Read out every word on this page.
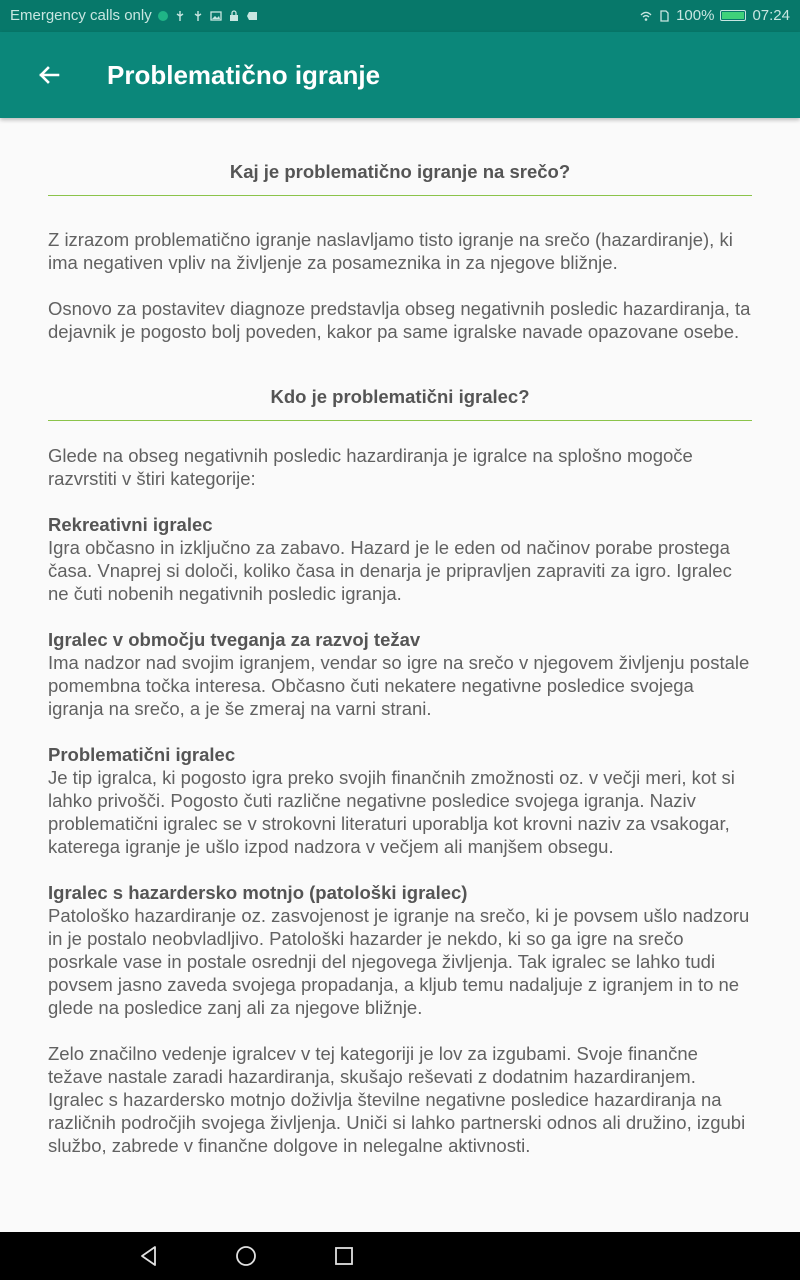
Emergency calls only	100%	07:24
Problematično igranje
Kaj je problematično igranje na srečo?

Z izrazom problematično igranje naslavljamo tisto igranje na srečo (hazardiranje), ki ima negativen vpliv na življenje za posameznika in za njegove bližnje.

Osnovo za postavitev diagnoze predstavlja obseg negativnih posledic hazardiranja, ta dejavnik je pogosto bolj poveden, kakor pa same igralske navade opazovane osebe.

Kdo je problematični igralec?

Glede na obseg negativnih posledic hazardiranja je igralce na splošno mogoče razvrstiti v štiri kategorije:

Rekreativni igralec

Igra občasno in izključno za zabavo. Hazard je le eden od načinov porabe prostega časa. Vnaprej si določi, koliko časa in denarja je pripravljen zapraviti za igro. Igralec ne čuti nobenih negativnih posledic igranja.

Igralec v območju tveganja za razvoj težav

Ima nadzor nad svojim igranjem, vendar so igre na srečo v njegovem življenju postale pomembna točka interesa. Občasno čuti nekatere negativne posledice svojega igranja na srečo, a je še zmeraj na varni strani.

Problematični igralec

Je tip igralca, ki pogosto igra preko svojih finančnih zmožnosti oz. v večji meri, kot si lahko privošči. Pogosto čuti različne negativne posledice svojega igranja. Naziv problematični igralec se v strokovni literaturi uporablja kot krovni naziv za vsakogar, katerega igranje je ušlo izpod nadzora v večjem ali manjšem obsegu.

Igralec s hazardersko motnjo (patološki igralec)

Patološko hazardiranje oz. zasvojenost je igranje na srečo, ki je povsem ušlo nadzoru in je postalo neobvladljivo. Patološki hazarder je nekdo, ki so ga igre na srečo posrkale vase in postale osrednji del njegovega življenja. Tak igralec se lahko tudi povsem jasno zaveda svojega propadanja, a kljub temu nadaljuje z igranjem in to ne glede na posledice zanj ali za njegove bližnje.

Zelo značilno vedenje igralcev v tej kategoriji je lov za izgubami. Svoje finančne težave nastale zaradi hazardiranja, skušajo reševati z dodatnim hazardiranjem. Igralec s hazardersko motnjo doživlja številne negativne posledice hazardiranja na različnih področjih svojega življenja. Uniči si lahko partnerski odnos ali družino, izgubi službo, zabrede v finančne dolgove in nelegalne aktivnosti.
